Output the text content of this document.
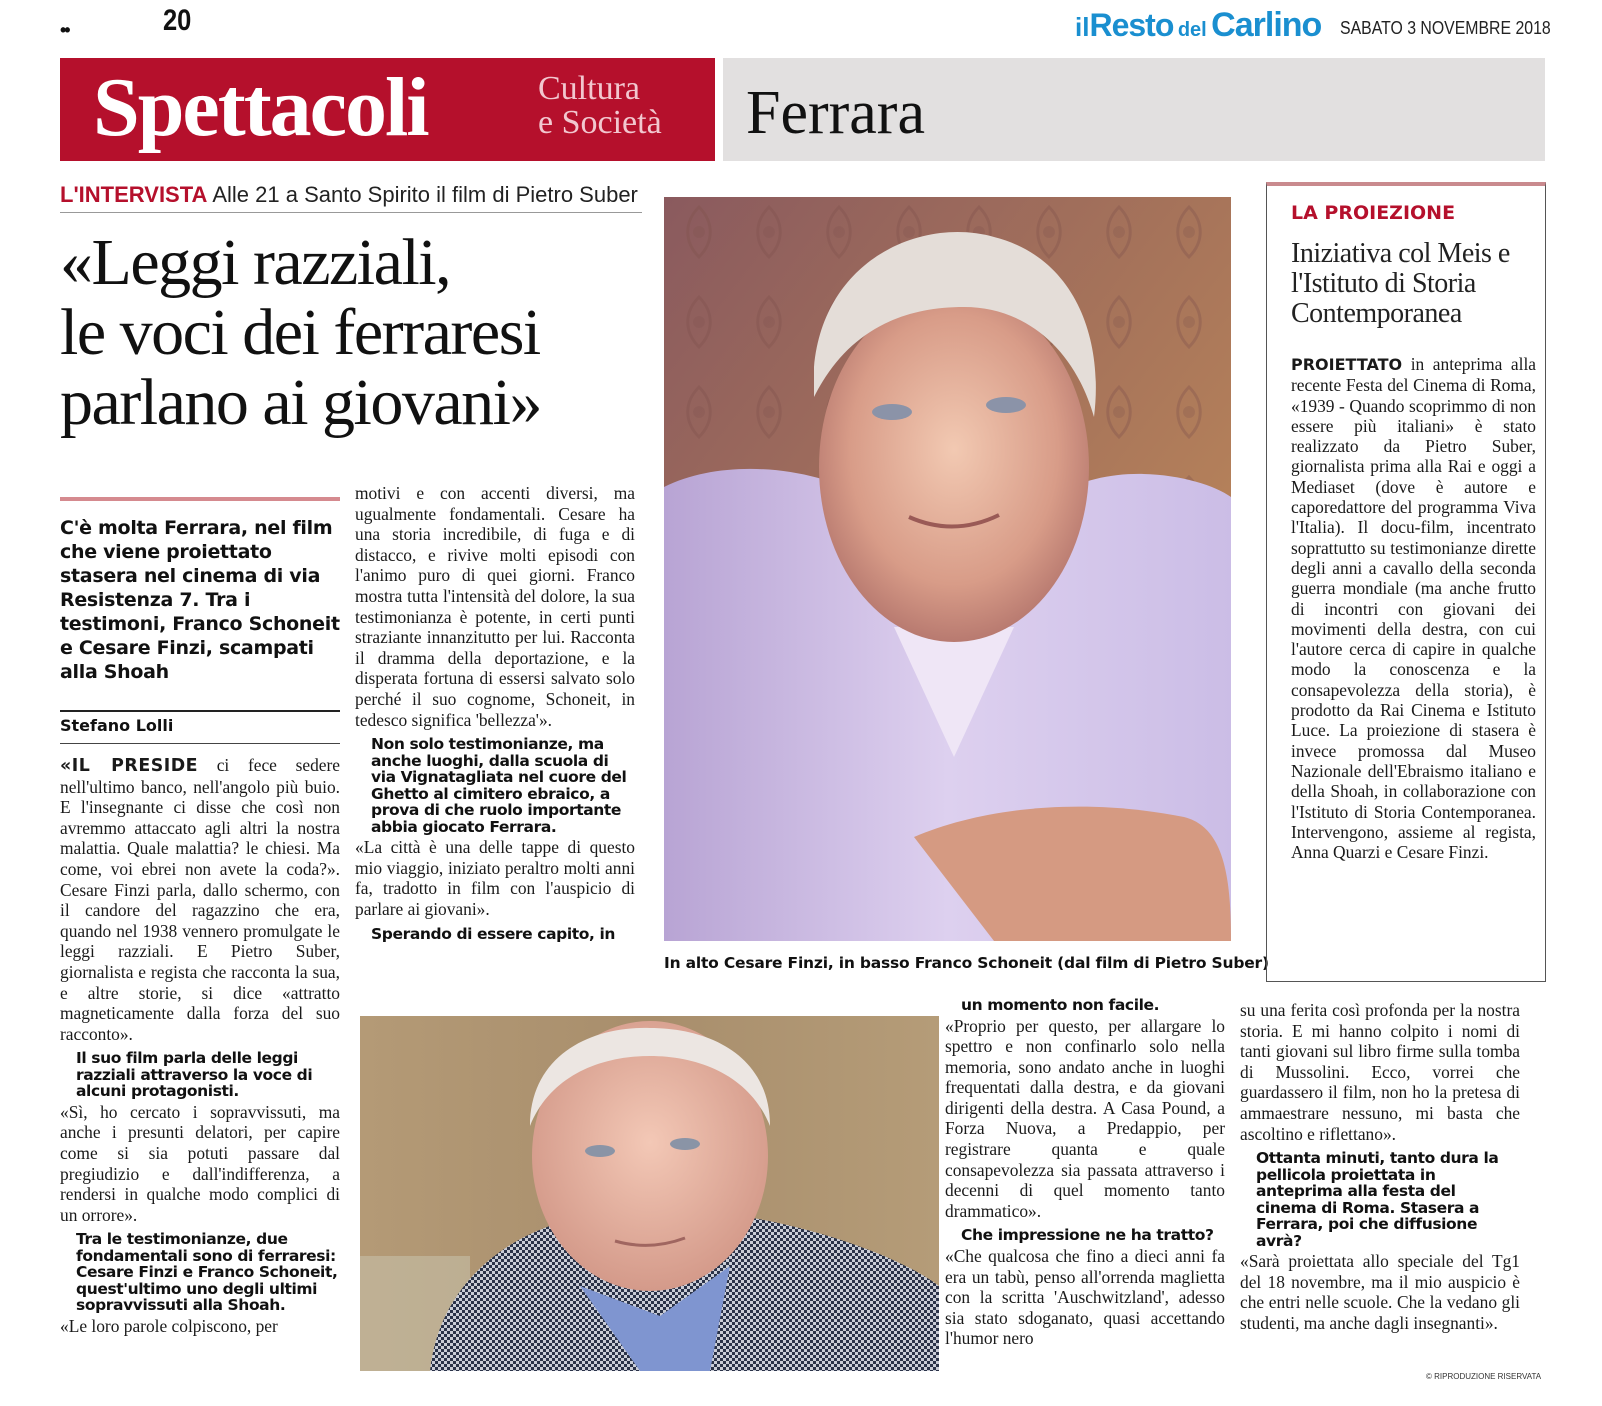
••	20	ilResto del Carlino SABATO 3 NOVEMBRE 2018
Spettacoli	Cultura
e Società Ferrara
L'INTERVISTA Alle 21 a Santo Spirito il film di Pietro Suber
«Leggi razziali,
le voci dei ferraresi
parlano ai giovani»
C'è molta Ferrara, nel film che viene proiettato stasera nel cinema di via Resistenza 7. Tra i testimoni, Franco Schoneit e Cesare Finzi, scampati alla Shoah
Stefano Lolli

«IL PRESIDE ci fece sedere nell'ultimo banco, nell'angolo più buio. E l'insegnante ci disse che così non avremmo attaccato agli altri la nostra malattia. Quale malattia? le chiesi. Ma come, voi ebrei non avete la coda?». Cesare Finzi parla, dallo schermo, con il candore del ragazzino che era, quando nel 1938 vennero promulgate le leggi razziali. E Pietro Suber, giornalista e regista che racconta la sua, e altre storie, si dice «attratto magneticamente dalla forza del suo racconto».

Il suo film parla delle leggi razziali attraverso la voce di alcuni protagonisti.

«Sì, ho cercato i sopravvissuti, ma anche i presunti delatori, per capire come si sia potuti passare dal pregiudizio e dall'indifferenza, a rendersi in qualche modo complici di un orrore».

Tra le testimonianze, due fondamentali sono di ferraresi: Cesare Finzi e Franco Schoneit, quest'ultimo uno degli ultimi sopravvissuti alla Shoah.

«Le loro parole colpiscono, per

motivi e con accenti diversi, ma ugualmente fondamentali. Cesare ha una storia incredibile, di fuga e di distacco, e rivive molti episodi con l'animo puro di quei giorni. Franco mostra tutta l'intensità del dolore, la sua testimonianza è potente, in certi punti straziante innanzitutto per lui. Racconta il dramma della deportazione, e la disperata fortuna di essersi salvato solo perché il suo cognome, Schoneit, in tedesco significa 'bellezza'».

Non solo testimonianze, ma anche luoghi, dalla scuola di via Vignatagliata nel cuore del Ghetto al cimitero ebraico, a prova di che ruolo importante abbia giocato Ferrara.

«La città è una delle tappe di questo mio viaggio, iniziato peraltro molti anni fa, tradotto in film con l'auspicio di parlare ai giovani».

Sperando di essere capito, in

In alto Cesare Finzi, in basso Franco Schoneit (dal film di Pietro Suber)

un momento non facile.

«Proprio per questo, per allargare lo spettro e non confinarlo solo nella memoria, sono andato anche in luoghi frequentati dalla destra, e da giovani dirigenti della destra. A Casa Pound, a Forza Nuova, a Predappio, per registrare quanta e quale consapevolezza sia passata attraverso i decenni di quel momento tanto drammatico».

Che impressione ne ha tratto?

«Che qualcosa che fino a dieci anni fa era un tabù, penso all'orrenda maglietta con la scritta 'Auschwitzland', adesso sia stato sdoganato, quasi accettando l'humor nero

su una ferita così profonda per la nostra storia. E mi hanno colpito i nomi di tanti giovani sul libro firme sulla tomba di Mussolini. Ecco, vorrei che guardassero il film, non ho la pretesa di ammaestrare nessuno, mi basta che ascoltino e riflettano».

Ottanta minuti, tanto dura la pellicola proiettata in anteprima alla festa del cinema di Roma. Stasera a Ferrara, poi che diffusione avrà?

«Sarà proiettata allo speciale del Tg1 del 18 novembre, ma il mio auspicio è che entri nelle scuole. Che la vedano gli studenti, ma anche dagli insegnanti».

LA PROIEZIONE
Iniziativa col Meis e l'Istituto di Storia Contemporanea
PROIETTATO in anteprima alla recente Festa del Cinema di Roma, «1939 - Quando scoprimmo di non essere più italiani» è stato realizzato da Pietro Suber, giornalista prima alla Rai e oggi a Mediaset (dove è autore e caporedattore del programma Viva l'Italia). Il docu-film, incentrato soprattutto su testimonianze dirette degli anni a cavallo della seconda guerra mondiale (ma anche frutto di incontri con giovani dei movimenti della destra, con cui l'autore cerca di capire in qualche modo la conoscenza e la consapevolezza della storia), è prodotto da Rai Cinema e Istituto Luce. La proiezione di stasera è invece promossa dal Museo Nazionale dell'Ebraismo italiano e della Shoah, in collaborazione con l'Istituto di Storia Contemporanea. Intervengono, assieme al regista, Anna Quarzi e Cesare Finzi.
© RIPRODUZIONE RISERVATA
